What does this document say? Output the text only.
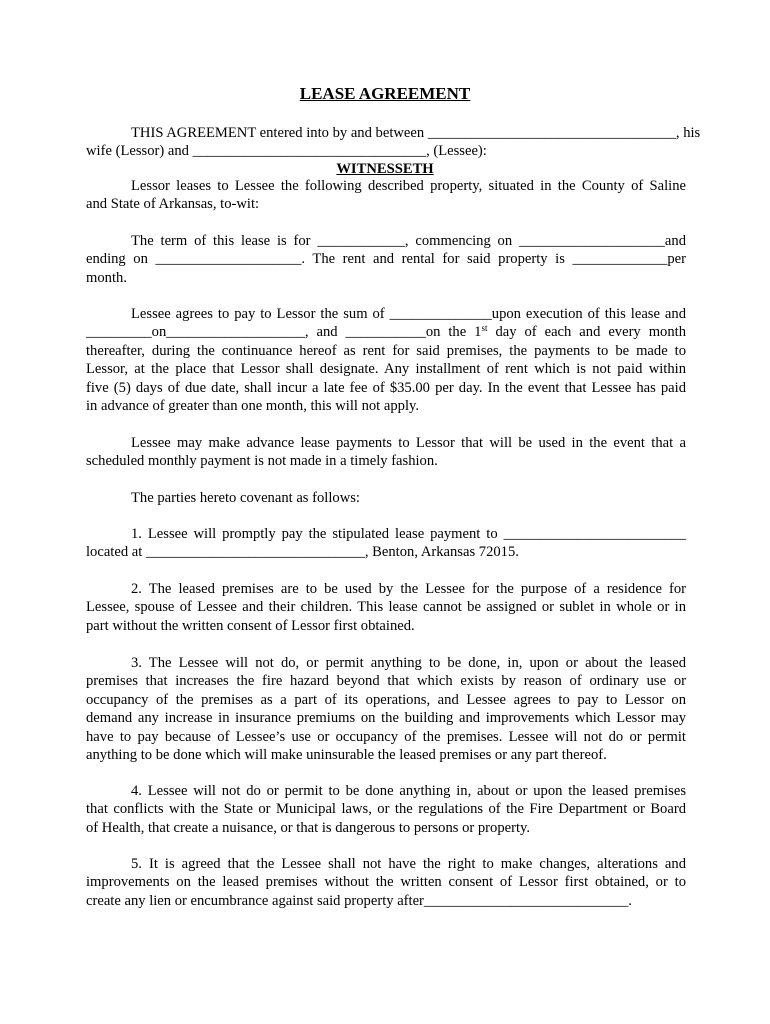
LEASE AGREEMENT
THIS AGREEMENT entered into by and between __________________________________, his
wife (Lessor) and ________________________________, (Lessee):
WITNESSETH
Lessor leases to Lessee the following described property, situated in the County of Saline
and State of Arkansas, to-wit:
The term of this lease is for ____________, commencing on ____________________and
ending on ____________________. The rent and rental for said property is _____________per
month.
Lessee agrees to pay to Lessor the sum of ______________upon execution of this lease and
_________on___________________, and ___________on the 1st day of each and every month
thereafter, during the continuance hereof as rent for said premises, the payments to be made to
Lessor, at the place that Lessor shall designate. Any installment of rent which is not paid within
five (5) days of due date, shall incur a late fee of $35.00 per day. In the event that Lessee has paid
in advance of greater than one month, this will not apply.
Lessee may make advance lease payments to Lessor that will be used in the event that a
scheduled monthly payment is not made in a timely fashion.
The parties hereto covenant as follows:
1. Lessee will promptly pay the stipulated lease payment to _________________________
located at ______________________________, Benton, Arkansas 72015.
2. The leased premises are to be used by the Lessee for the purpose of a residence for
Lessee, spouse of Lessee and their children. This lease cannot be assigned or sublet in whole or in
part without the written consent of Lessor first obtained.
3. The Lessee will not do, or permit anything to be done, in, upon or about the leased
premises that increases the fire hazard beyond that which exists by reason of ordinary use or
occupancy of the premises as a part of its operations, and Lessee agrees to pay to Lessor on
demand any increase in insurance premiums on the building and improvements which Lessor may
have to pay because of Lessee’s use or occupancy of the premises. Lessee will not do or permit
anything to be done which will make uninsurable the leased premises or any part thereof.
4. Lessee will not do or permit to be done anything in, about or upon the leased premises
that conflicts with the State or Municipal laws, or the regulations of the Fire Department or Board
of Health, that create a nuisance, or that is dangerous to persons or property.
5. It is agreed that the Lessee shall not have the right to make changes, alterations and
improvements on the leased premises without the written consent of Lessor first obtained, or to
create any lien or encumbrance against said property after____________________________.
